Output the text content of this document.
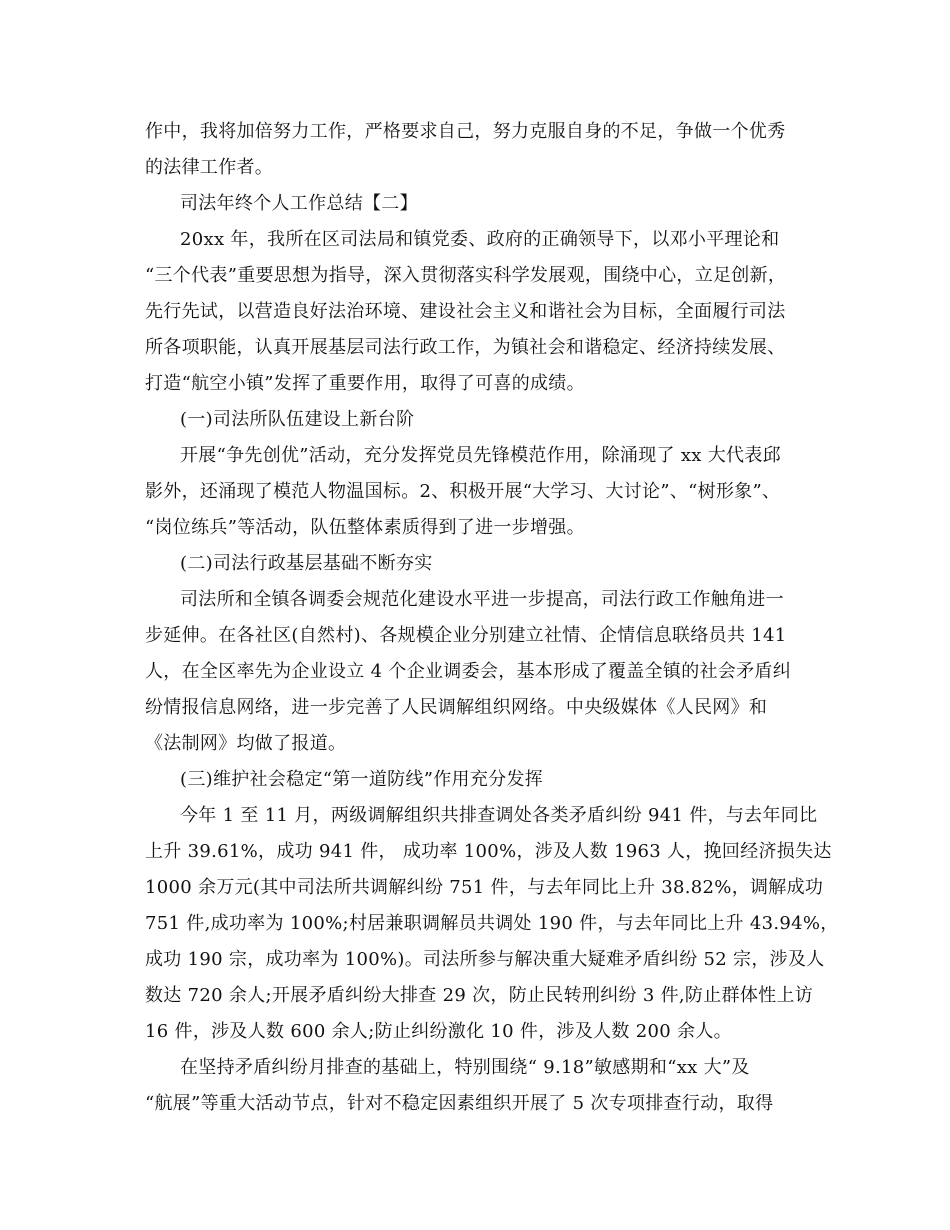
作中，我将加倍努力工作，严格要求自己，努力克服自身的不足，争做一个优秀
的法律工作者。
司法年终个人工作总结【二】
20xx 年，我所在区司法局和镇党委、政府的正确领导下，以邓小平理论和
“三个代表”重要思想为指导，深入贯彻落实科学发展观，围绕中心，立足创新，
先行先试，以营造良好法治环境、建设社会主义和谐社会为目标，全面履行司法
所各项职能，认真开展基层司法行政工作，为镇社会和谐稳定、经济持续发展、
打造“航空小镇”发挥了重要作用，取得了可喜的成绩。
(一)司法所队伍建设上新台阶
开展“争先创优”活动，充分发挥党员先锋模范作用，除涌现了 xx 大代表邱
影外，还涌现了模范人物温国标。2、积极开展“大学习、大讨论”、“树形象”、
“岗位练兵”等活动，队伍整体素质得到了进一步增强。
(二)司法行政基层基础不断夯实
司法所和全镇各调委会规范化建设水平进一步提高，司法行政工作触角进一
步延伸。在各社区(自然村)、各规模企业分别建立社情、企情信息联络员共 141
人，在全区率先为企业设立 4 个企业调委会，基本形成了覆盖全镇的社会矛盾纠
纷情报信息网络，进一步完善了人民调解组织网络。中央级媒体《人民网》和
《法制网》均做了报道。
(三)维护社会稳定“第一道防线”作用充分发挥
今年 1 至 11 月，两级调解组织共排查调处各类矛盾纠纷 941 件，与去年同比
上升 39.61%，成功 941 件， 成功率 100%，涉及人数 1963 人，挽回经济损失达
1000 余万元(其中司法所共调解纠纷 751 件，与去年同比上升 38.82%，调解成功
751 件,成功率为 100%;村居兼职调解员共调处 190 件，与去年同比上升 43.94%，
成功 190 宗，成功率为 100%)。司法所参与解决重大疑难矛盾纠纷 52 宗，涉及人
数达 720 余人;开展矛盾纠纷大排查 29 次，防止民转刑纠纷 3 件,防止群体性上访
16 件，涉及人数 600 余人;防止纠纷激化 10 件，涉及人数 200 余人。
在坚持矛盾纠纷月排查的基础上，特别围绕“ 9.18”敏感期和“xx 大”及
“航展”等重大活动节点，针对不稳定因素组织开展了 5 次专项排查行动，取得
